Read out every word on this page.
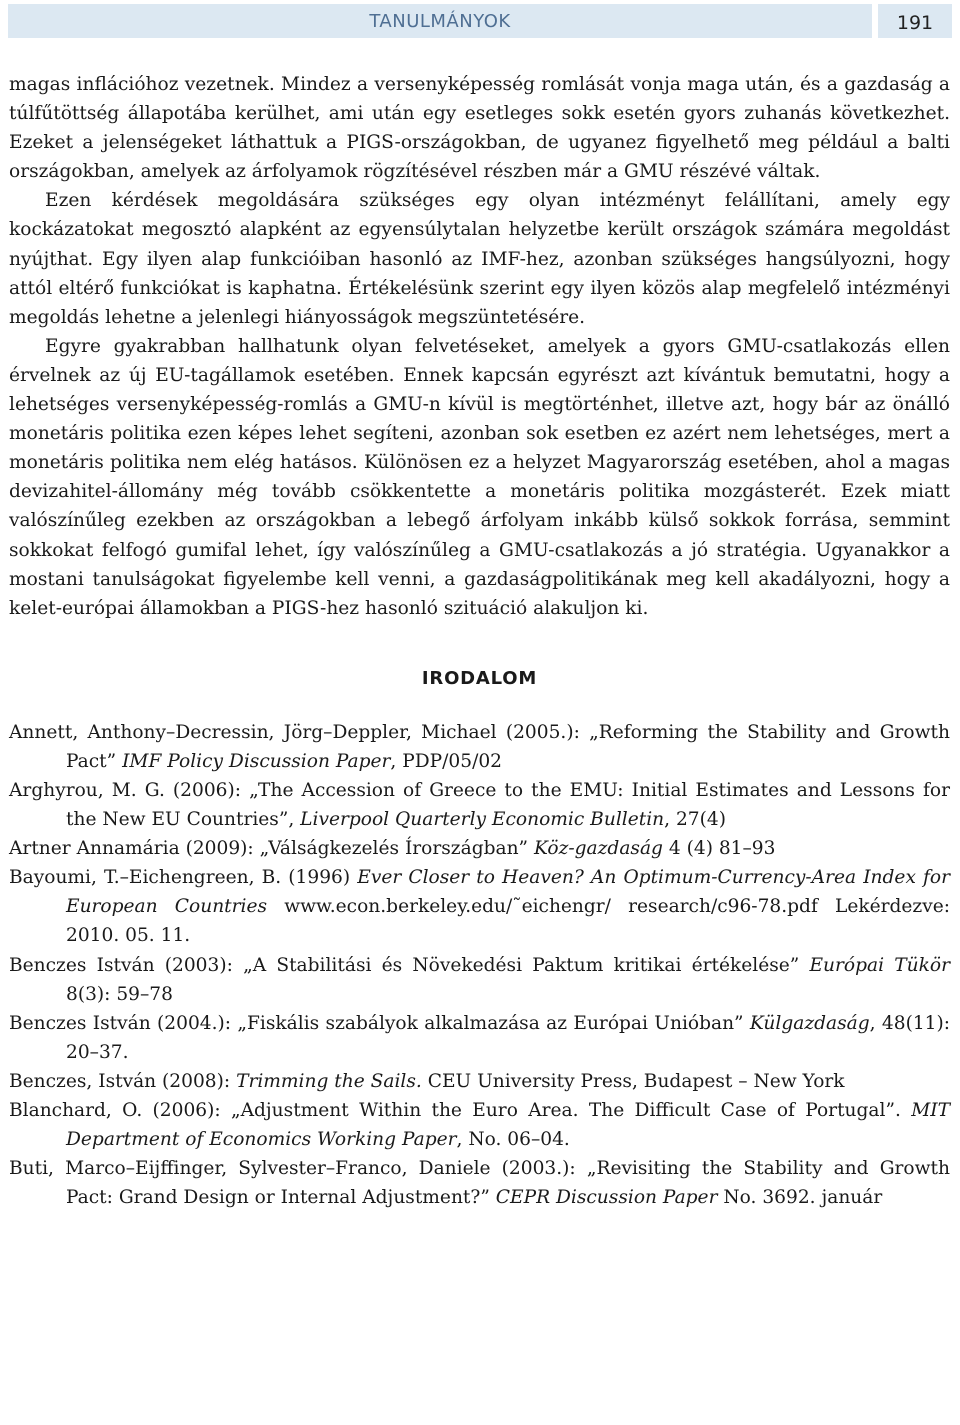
TANULMÁNYOK	191

magas inflációhoz vezetnek. Mindez a versenyképesség romlását vonja maga után, és a gazdaság a túlfűtöttség állapotába kerülhet, ami után egy esetleges sokk esetén gyors zuhanás következhet. Ezeket a jelenségeket láthattuk a PIGS-országokban, de ugyanez figyelhető meg például a balti országokban, amelyek az árfolyamok rögzítésével részben már a GMU részévé váltak.

Ezen kérdések megoldására szükséges egy olyan intézményt felállítani, amely egy kockázatokat megosztó alapként az egyensúlytalan helyzetbe került országok számára megoldást nyújthat. Egy ilyen alap funkcióiban hasonló az IMF-hez, azonban szükséges hangsúlyozni, hogy attól eltérő funkciókat is kaphatna. Értékelésünk szerint egy ilyen közös alap megfelelő intézményi megoldás lehetne a jelenlegi hiányosságok megszüntetésére.

Egyre gyakrabban hallhatunk olyan felvetéseket, amelyek a gyors GMU-csatlakozás ellen érvelnek az új EU-tagállamok esetében. Ennek kapcsán egyrészt azt kívántuk bemutatni, hogy a lehetséges versenyképesség-romlás a GMU-n kívül is megtörténhet, illetve azt, hogy bár az önálló monetáris politika ezen képes lehet segíteni, azonban sok esetben ez azért nem lehetséges, mert a monetáris politika nem elég hatásos. Különösen ez a helyzet Magyarország esetében, ahol a magas devizahitel-állomány még tovább csökkentette a monetáris politika mozgásterét. Ezek miatt valószínűleg ezekben az országokban a lebegő árfolyam inkább külső sokkok forrása, semmint sokkokat felfogó gumifal lehet, így valószínűleg a GMU-csatlakozás a jó stratégia. Ugyanakkor a mostani tanulságokat figyelembe kell venni, a gazdaságpolitikának meg kell akadályozni, hogy a kelet-európai államokban a PIGS-hez hasonló szituáció alakuljon ki.

IRODALOM

Annett, Anthony–Decressin, Jörg–Deppler, Michael (2005.): „Reforming the Stability and Growth Pact” IMF Policy Discussion Paper, PDP/05/02

Arghyrou, M. G. (2006): „The Accession of Greece to the EMU: Initial Estimates and Lessons for the New EU Countries”, Liverpool Quarterly Economic Bulletin, 27(4)

Artner Annamária (2009): „Válságkezelés Írországban” Köz-gazdaság 4 (4) 81–93

Bayoumi, T.–Eichengreen, B. (1996) Ever Closer to Heaven? An Optimum-Currency-Area Index for European Countries www.econ.berkeley.edu/˜eichengr/ research/c96-78.pdf Lekérdezve: 2010. 05. 11.

Benczes István (2003): „A Stabilitási és Növekedési Paktum kritikai értékelése” Európai Tükör 8(3): 59–78

Benczes István (2004.): „Fiskális szabályok alkalmazása az Európai Unióban” Külgazdaság, 48(11): 20–37.

Benczes, István (2008): Trimming the Sails. CEU University Press, Budapest – New York

Blanchard, O. (2006): „Adjustment Within the Euro Area. The Difficult Case of Portugal”. MIT Department of Economics Working Paper, No. 06–04.

Buti, Marco–Eijffinger, Sylvester–Franco, Daniele (2003.): „Revisiting the Stability and Growth Pact: Grand Design or Internal Adjustment?” CEPR Discussion Paper No. 3692. január
